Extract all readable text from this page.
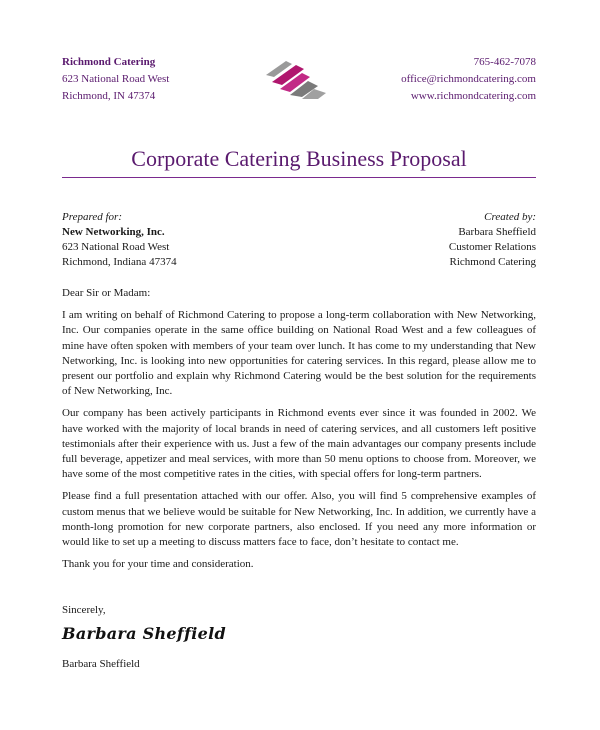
Richmond Catering
623 National Road West
Richmond, IN 47374
765-462-7078
office@richmondcatering.com
www.richmondcatering.com
Corporate Catering Business Proposal
Prepared for:
New Networking, Inc.
623 National Road West
Richmond, Indiana 47374
Created by:
Barbara Sheffield
Customer Relations
Richmond Catering

Dear Sir or Madam:

I am writing on behalf of Richmond Catering to propose a long-term collaboration with New Networking, Inc. Our companies operate in the same office building on National Road West and a few colleagues of mine have often spoken with members of your team over lunch. It has come to my understanding that New Networking, Inc. is looking into new opportunities for catering services. In this regard, please allow me to present our portfolio and explain why Richmond Catering would be the best solution for the requirements of New Networking, Inc.

Our company has been actively participants in Richmond events ever since it was founded in 2002. We have worked with the majority of local brands in need of catering services, and all customers left positive testimonials after their experience with us. Just a few of the main advantages our company presents include full beverage, appetizer and meal services, with more than 50 menu options to choose from. Moreover, we have some of the most competitive rates in the cities, with special offers for long-term partners.

Please find a full presentation attached with our offer. Also, you will find 5 comprehensive examples of custom menus that we believe would be suitable for New Networking, Inc. In addition, we currently have a month-long promotion for new corporate partners, also enclosed. If you need any more information or would like to set up a meeting to discuss matters face to face, don’t hesitate to contact me.

Thank you for your time and consideration.

Sincerely,
Barbara Sheffield
Barbara Sheffield
